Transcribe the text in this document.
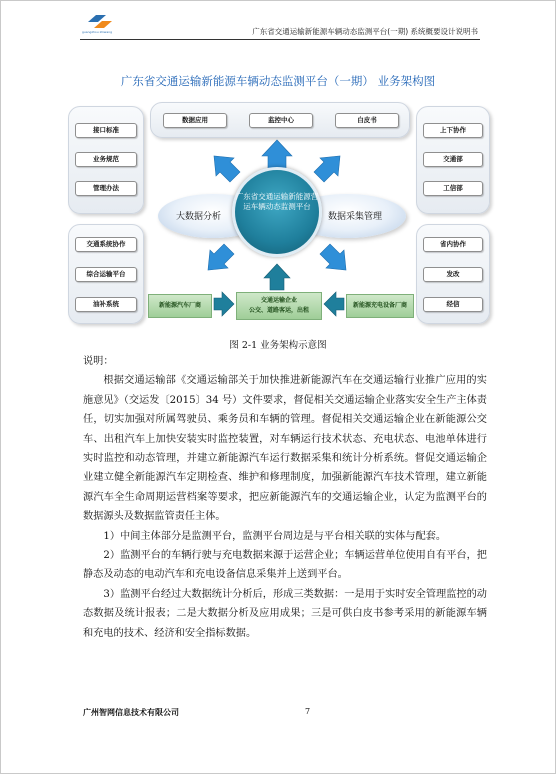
guangzhou zhiwang	广东省交通运输新能源车辆动态监测平台(一期) 系统概要设计说明书
广东省交通运输新能源车辆动态监测平台（一期） 业务架构图
数据应用	监控中心	白皮书
接口标准
业务规范
管理办法
交通系统协作
综合运输平台
油补系统
上下协作
交通部
工信部
省内协作
发改
经信
大数据分析	数据采集管理
广东省交通运输新能源营运车辆动态监测平台
新能源汽车厂商
交通运输企业
公交、道路客运，出租
新能源充电设备厂商
图 2-1 业务架构示意图
说明：
根据交通运输部《交通运输部关于加快推进新能源汽车在交通运输行业推广应用的实施意见》（交运发〔2015〕34 号）文件要求，督促相关交通运输企业落实安全生产主体责任，切实加强对所属驾驶员、乘务员和车辆的管理。督促相关交通运输企业在新能源公交车、出租汽车上加快安装实时监控装置，对车辆运行技术状态、充电状态、电池单体进行实时监控和动态管理，并建立新能源汽车运行数据采集和统计分析系统。督促交通运输企业建立健全新能源汽车定期检查、维护和修理制度，加强新能源汽车技术管理，建立新能源汽车全生命周期运营档案等要求，把应新能源汽车的交通运输企业，认定为监测平台的数据源头及数据监管责任主体。
1）中间主体部分是监测平台，监测平台周边是与平台相关联的实体与配套。
2）监测平台的车辆行驶与充电数据来源于运营企业；车辆运营单位使用自有平台，把静态及动态的电动汽车和充电设备信息采集并上送到平台。
3）监测平台经过大数据统计分析后，形成三类数据：一是用于实时安全管理监控的动态数据及统计报表；二是大数据分析及应用成果；三是可供白皮书参考采用的新能源车辆和充电的技术、经济和安全指标数据。
广州智网信息技术有限公司	7
